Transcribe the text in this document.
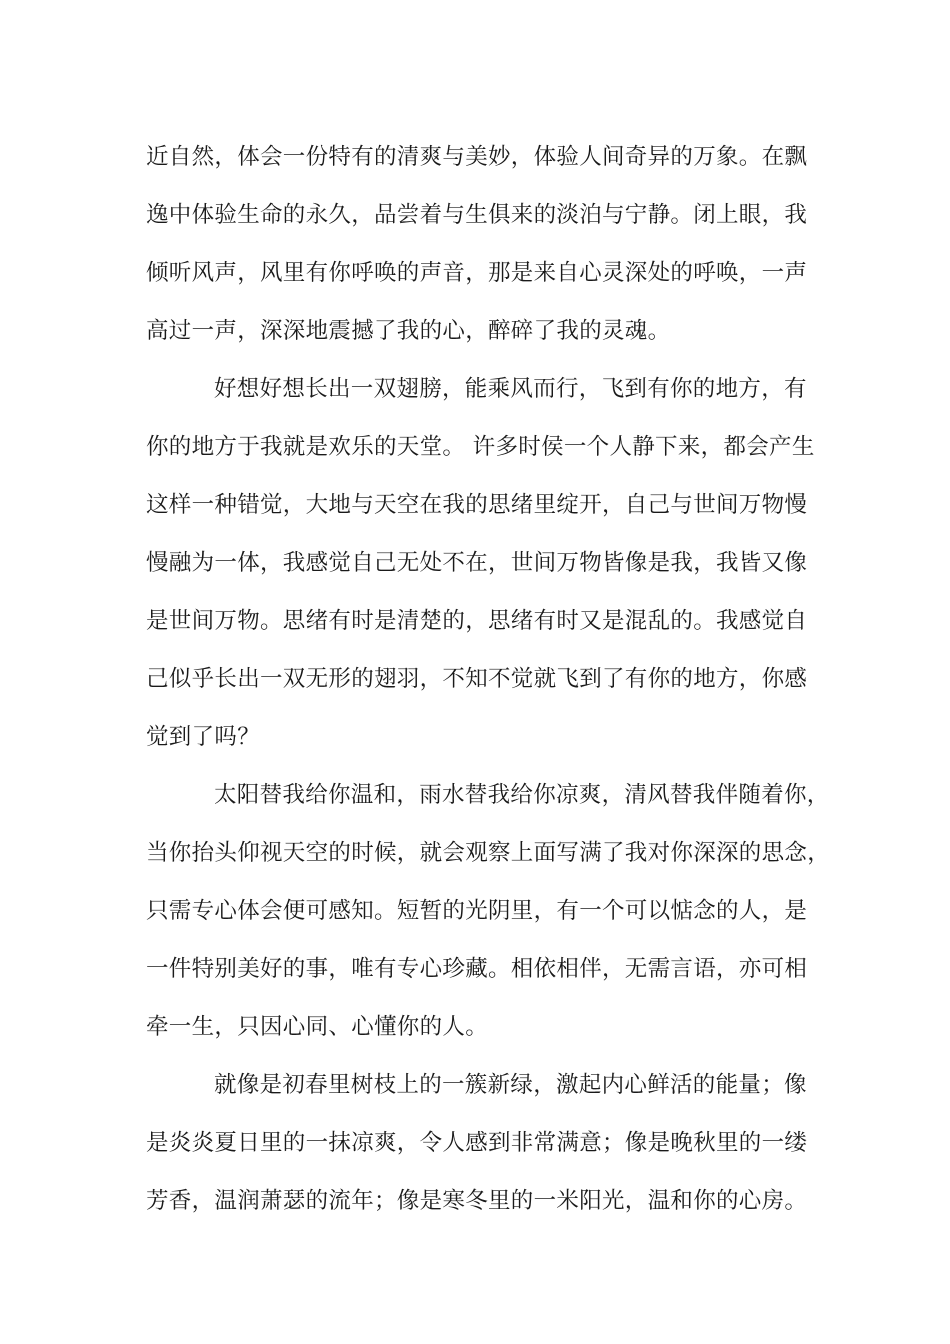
近自然，体会一份特有的清爽与美妙，体验人间奇异的万象。在飘
逸中体验生命的永久，品尝着与生俱来的淡泊与宁静。闭上眼，我
倾听风声，风里有你呼唤的声音，那是来自心灵深处的呼唤，一声
高过一声，深深地震撼了我的心，醉碎了我的灵魂。
好想好想长出一双翅膀，能乘风而行，飞到有你的地方，有
你的地方于我就是欢乐的天堂。 许多时侯一个人静下来，都会产生
这样一种错觉，大地与天空在我的思绪里绽开，自己与世间万物慢
慢融为一体，我感觉自己无处不在，世间万物皆像是我，我皆又像
是世间万物。思绪有时是清楚的，思绪有时又是混乱的。我感觉自
己似乎长出一双无形的翅羽，不知不觉就飞到了有你的地方，你感
觉到了吗？
太阳替我给你温和，雨水替我给你凉爽，清风替我伴随着你，
当你抬头仰视天空的时候，就会观察上面写满了我对你深深的思念，
只需专心体会便可感知。短暂的光阴里，有一个可以惦念的人，是
一件特别美好的事，唯有专心珍藏。相依相伴，无需言语，亦可相
牵一生，只因心同、心懂你的人。
就像是初春里树枝上的一簇新绿，激起内心鲜活的能量；像
是炎炎夏日里的一抹凉爽，令人感到非常满意；像是晚秋里的一缕
芳香，温润萧瑟的流年；像是寒冬里的一米阳光，温和你的心房。
